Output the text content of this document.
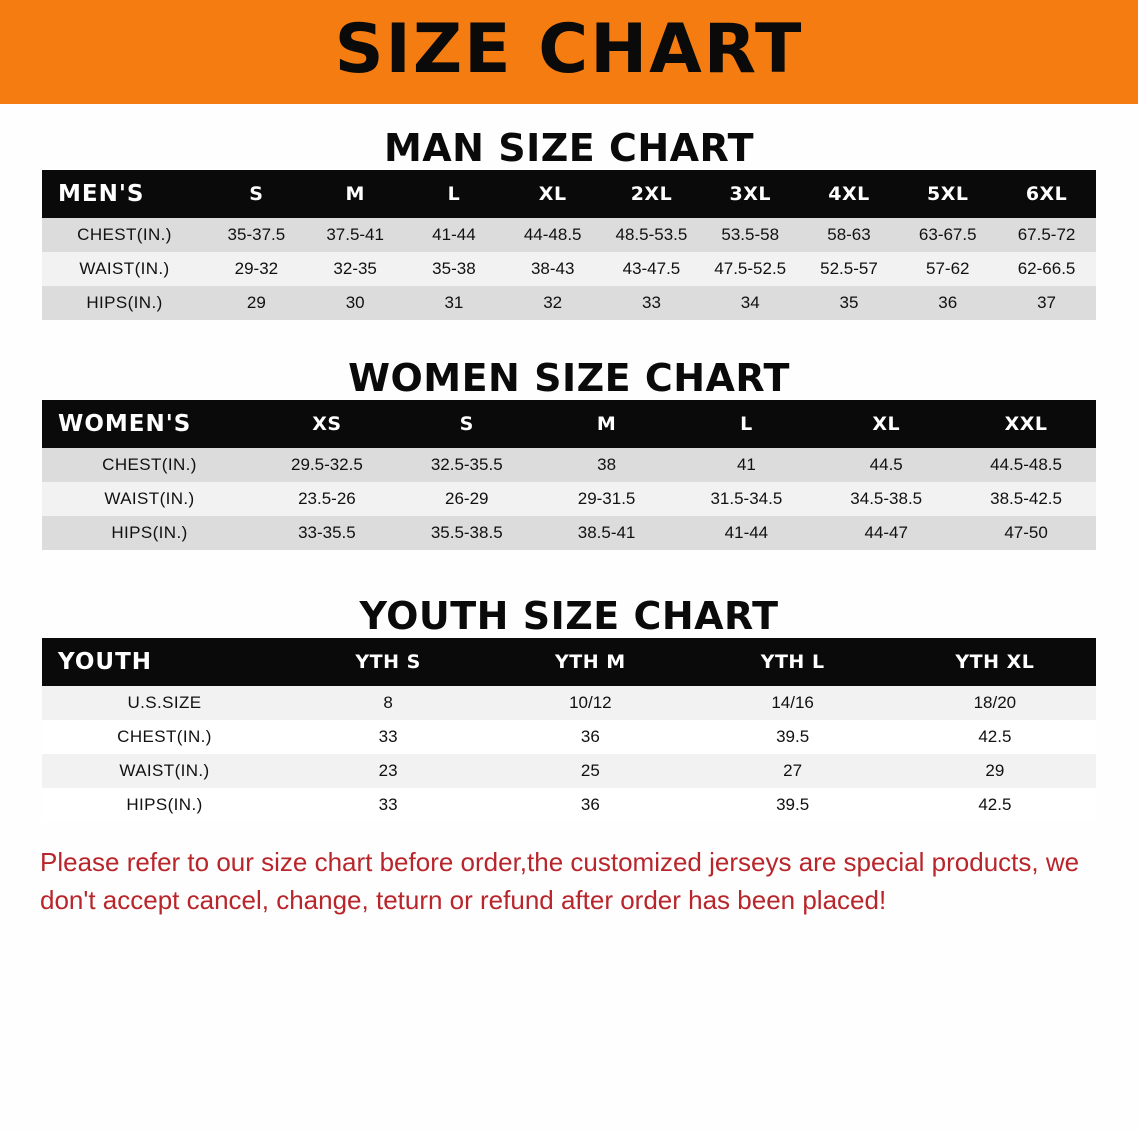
SIZE CHART
MAN SIZE CHART
MEN'S	S	M	L	XL	2XL	3XL	4XL	5XL	6XL
CHEST(IN.)	35-37.5	37.5-41	41-44	44-48.5	48.5-53.5	53.5-58	58-63	63-67.5	67.5-72
WAIST(IN.)	29-32	32-35	35-38	38-43	43-47.5	47.5-52.5	52.5-57	57-62	62-66.5
HIPS(IN.)	29	30	31	32	33	34	35	36	37
WOMEN SIZE CHART
WOMEN'S	XS	S	M	L	XL	XXL
CHEST(IN.)	29.5-32.5	32.5-35.5	38	41	44.5	44.5-48.5
WAIST(IN.)	23.5-26	26-29	29-31.5	31.5-34.5	34.5-38.5	38.5-42.5
HIPS(IN.)	33-35.5	35.5-38.5	38.5-41	41-44	44-47	47-50
YOUTH SIZE CHART
YOUTH	YTH S	YTH M	YTH L	YTH XL
U.S.SIZE	8	10/12	14/16	18/20
CHEST(IN.)	33	36	39.5	42.5
WAIST(IN.)	23	25	27	29
HIPS(IN.)	33	36	39.5	42.5
Please refer to our size chart before order,the customized jerseys are special products, we don't accept cancel, change, teturn or refund after order has been placed!
